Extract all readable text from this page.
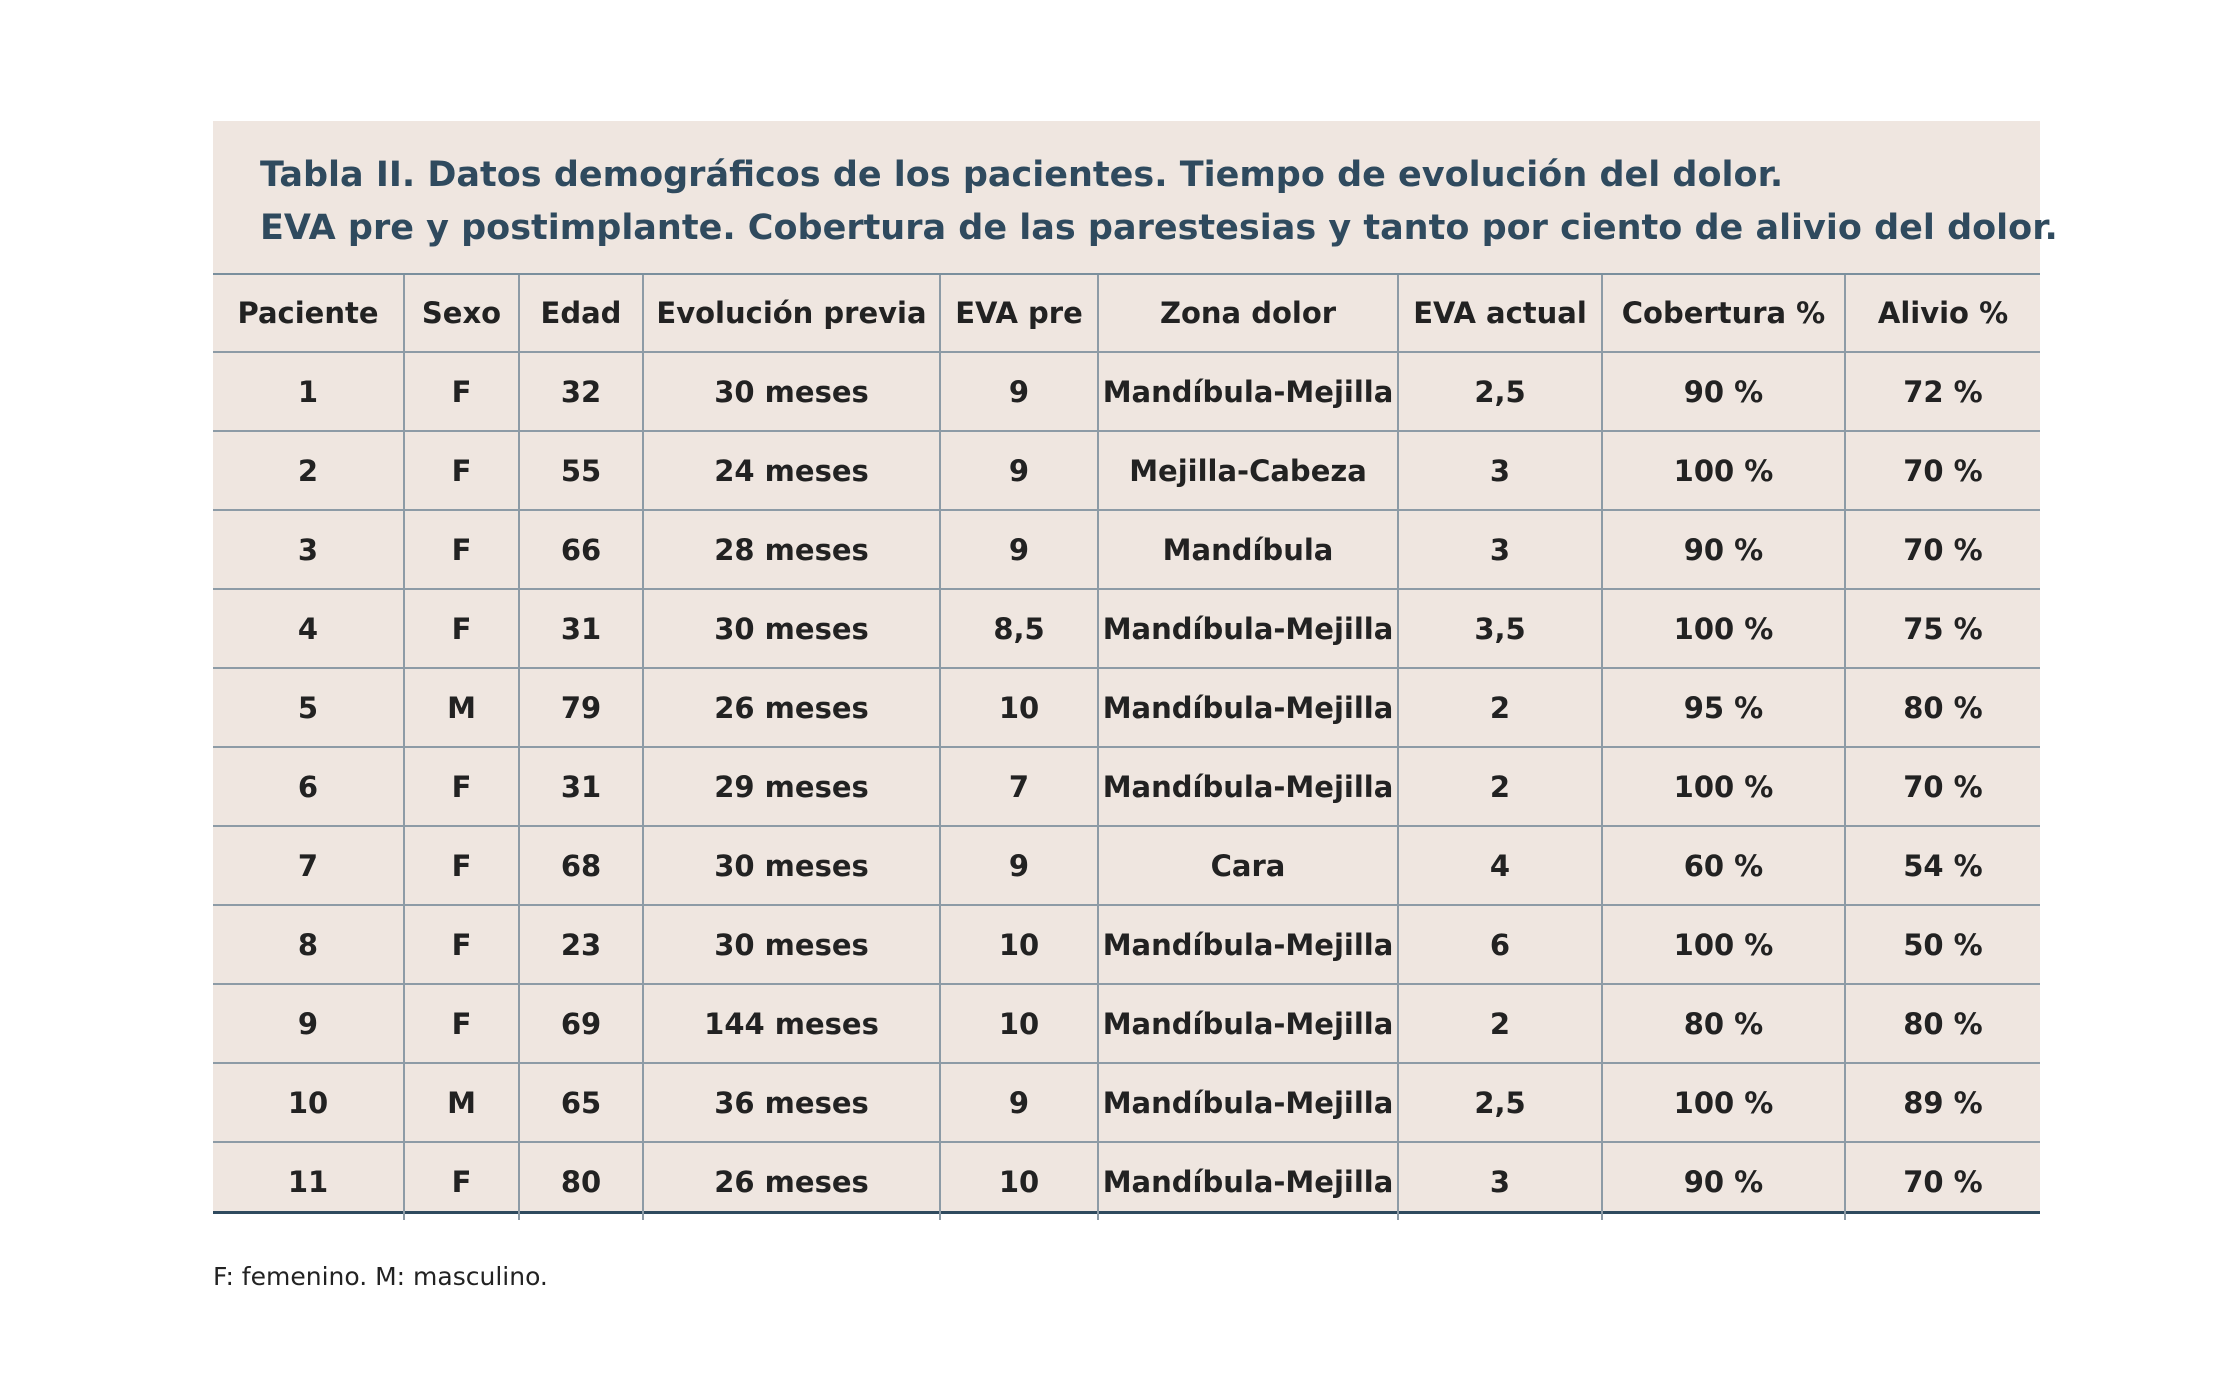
Tabla II. Datos demográficos de los pacientes. Tiempo de evolución del dolor.
EVA pre y postimplante. Cobertura de las parestesias y tanto por ciento de alivio del dolor.
Paciente	Sexo	Edad	Evolución previa	EVA pre	Zona dolor	EVA actual	Cobertura %	Alivio %
1	F	32	30 meses	9	Mandíbula-Mejilla	2,5	90 %	72 %
2	F	55	24 meses	9	Mejilla-Cabeza	3	100 %	70 %
3	F	66	28 meses	9	Mandíbula	3	90 %	70 %
4	F	31	30 meses	8,5	Mandíbula-Mejilla	3,5	100 %	75 %
5	M	79	26 meses	10	Mandíbula-Mejilla	2	95 %	80 %
6	F	31	29 meses	7	Mandíbula-Mejilla	2	100 %	70 %
7	F	68	30 meses	9	Cara	4	60 %	54 %
8	F	23	30 meses	10	Mandíbula-Mejilla	6	100 %	50 %
9	F	69	144 meses	10	Mandíbula-Mejilla	2	80 %	80 %
10	M	65	36 meses	9	Mandíbula-Mejilla	2,5	100 %	89 %
11	F	80	26 meses	10	Mandíbula-Mejilla	3	90 %	70 %
F: femenino. M: masculino.
